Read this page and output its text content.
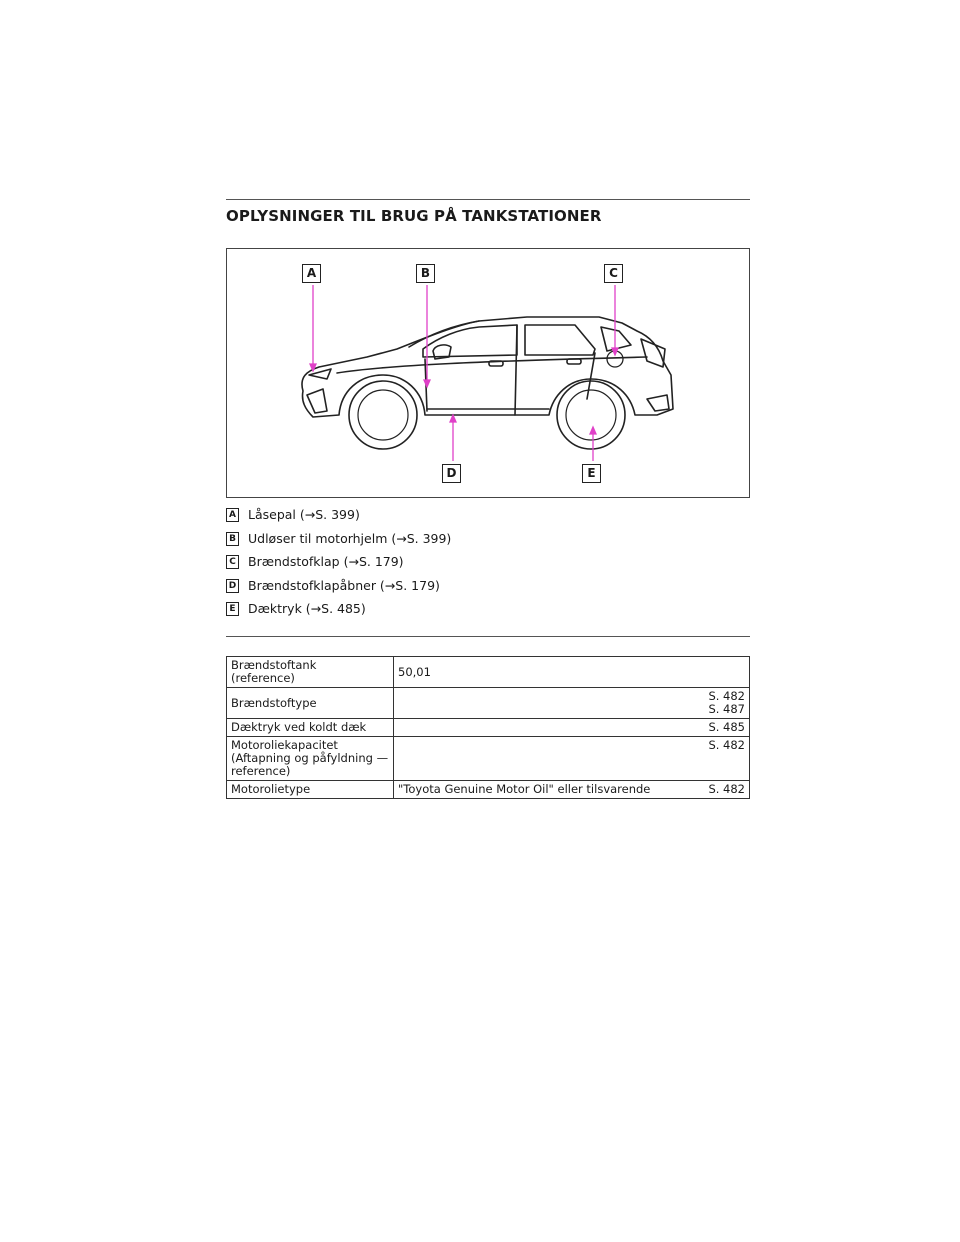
OPLYSNINGER TIL BRUG PÅ TANKSTATIONER
A	B	C
D	E
A Låsepal (→S. 399)
B Udløser til motorhjelm (→S. 399)
C Brændstofklap (→S. 179)
D Brændstofklapåbner (→S. 179)
E Dæktryk (→S. 485)
Brændstoftank
(reference)	50,01

Brændstoftype	S. 482
S. 487

Dæktryk ved koldt dæk	S. 485

Motoroliekapacitet
(Aftapning og påfyldning —
reference)	S. 482

Motorolietype	"Toyota Genuine Motor Oil" eller tilsvarende S. 482
